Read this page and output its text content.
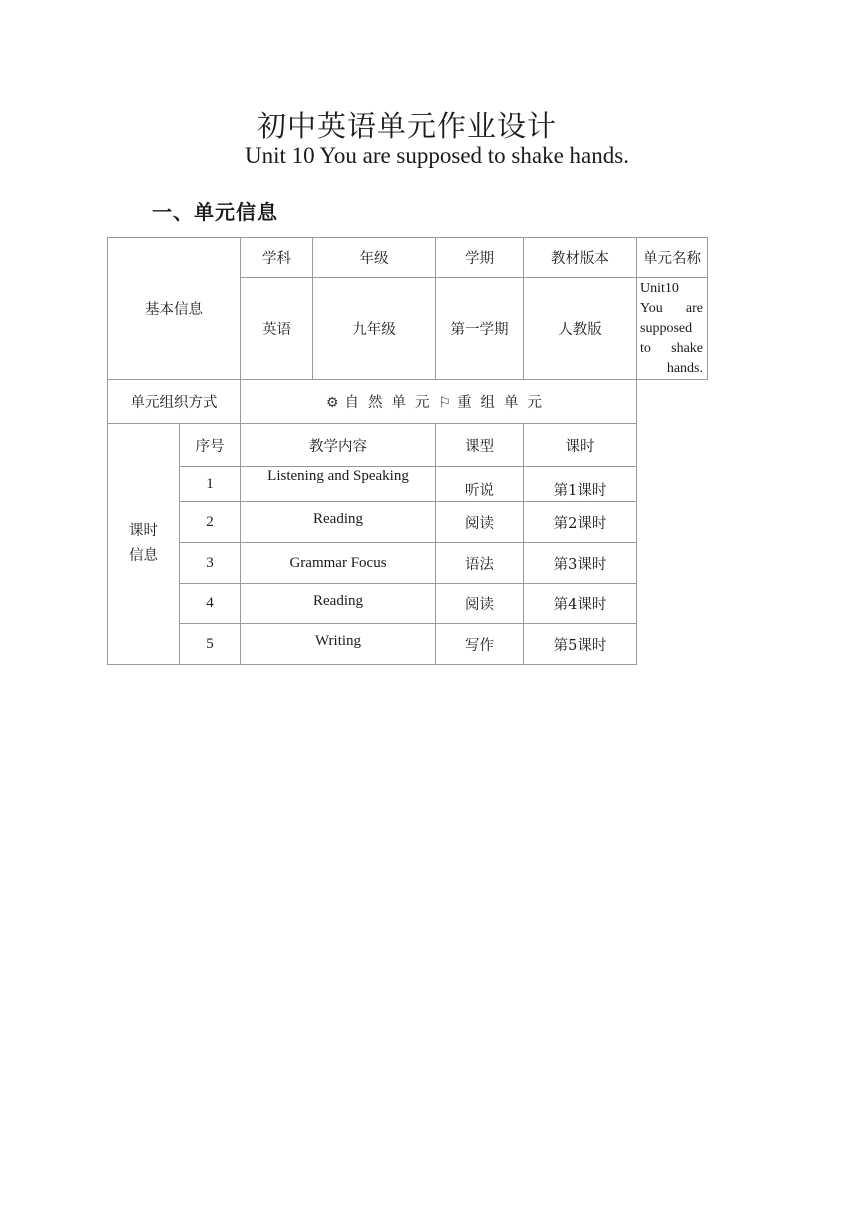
初中英语单元作业设计
Unit 10 You are supposed to shake hands.
一、单元信息
基本信息		学科	年级	学期	教材版本	单元名称
		英语	九年级	第一学期	人教版	Unit10 You are supposed to shake hands.
单元组织方式		⚙自然单元⚐重组单元				
课时
信息	序号	教学内容		课型	课时	
	1	Listening and Speaking		听说	第1课时	
	2	Reading		阅读	第2课时	
	3	Grammar Focus		语法	第3课时	
	4	Reading		阅读	第4课时	
	5	Writing		写作	第5课时	
